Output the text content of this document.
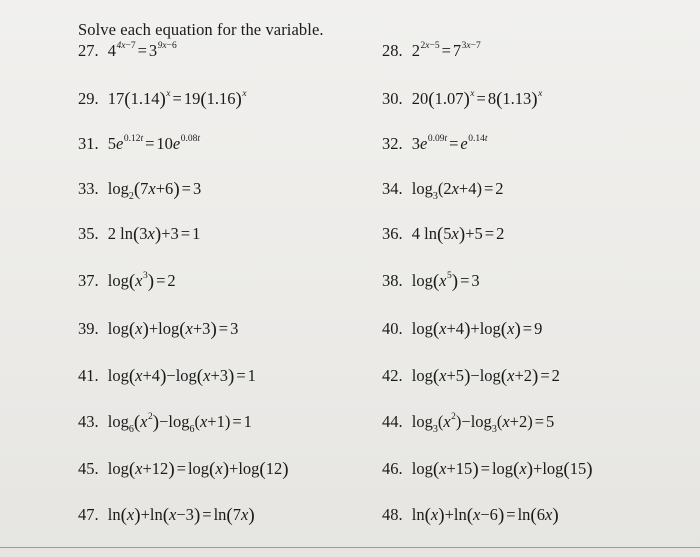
Solve each equation for the variable.
27. $4^{4x-7} = 3^{9x-6}$	28. $2^{2x-5} = 7^{3x-7}$
29. $17(1.14)^x = 19(1.16)^x$	30. $20(1.07)^x = 8(1.13)^x$
31. $5e^{0.12t} = 10e^{0.08t}$	32. $3e^{0.09t} = e^{0.14t}$
33. $\log_2(7x+6) = 3$	34. $\log_3(2x+4) = 2$
35. 2 ln(3x)+3 = 1	36. 4 ln(5x)+5 = 2
37. $\log(x^3) = 2$	38. $\log(x^5) = 3$
39. log(x)+log(x+3) = 3	40. log(x+4)+log(x) = 9
41. log(x+4)−log(x+3) = 1	42. log(x+5)−log(x+2) = 2
43. $\log_6(x^2)-\log_6(x+1) = 1$	44. $\log_3(x^2)-\log_3(x+2) = 5$
45. log(x+12) = log(x)+log(12)	46. log(x+15) = log(x)+log(15)
47. ln(x)+ln(x−3) = ln(7x)	48. ln(x)+ln(x−6) = ln(6x)
